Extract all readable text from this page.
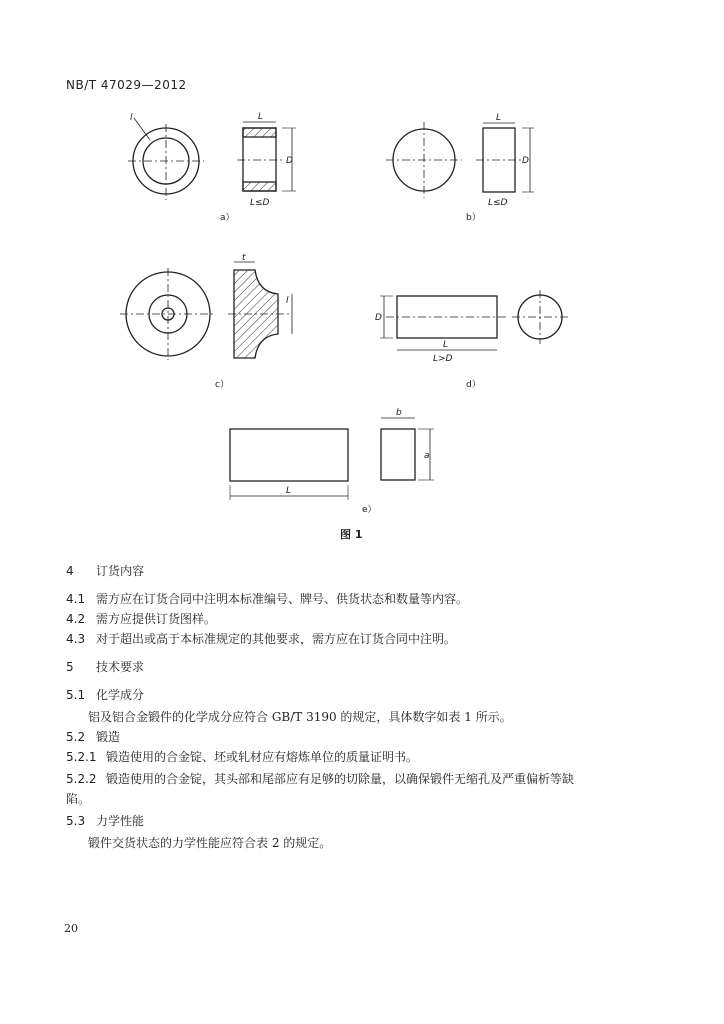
NB/T 47029—2012
l	L
D
L≤D
L
D
L≤D
t
l
D
L
L>D
L
b
a
a）	b）
c）	d）
e）
图 1
4 订货内容
4.1 需方应在订货合同中注明本标准编号、牌号、供货状态和数量等内容。
4.2 需方应提供订货图样。
4.3 对于超出或高于本标准规定的其他要求，需方应在订货合同中注明。
5 技术要求
5.1 化学成分
铝及铝合金锻件的化学成分应符合 GB/T 3190 的规定，具体数字如表 1 所示。
5.2 锻造
5.2.1 锻造使用的合金锭、坯或轧材应有熔炼单位的质量证明书。
5.2.2 锻造使用的合金锭，其头部和尾部应有足够的切除量，以确保锻件无缩孔及严重偏析等缺
陷。
5.3 力学性能
锻件交货状态的力学性能应符合表 2 的规定。
20
